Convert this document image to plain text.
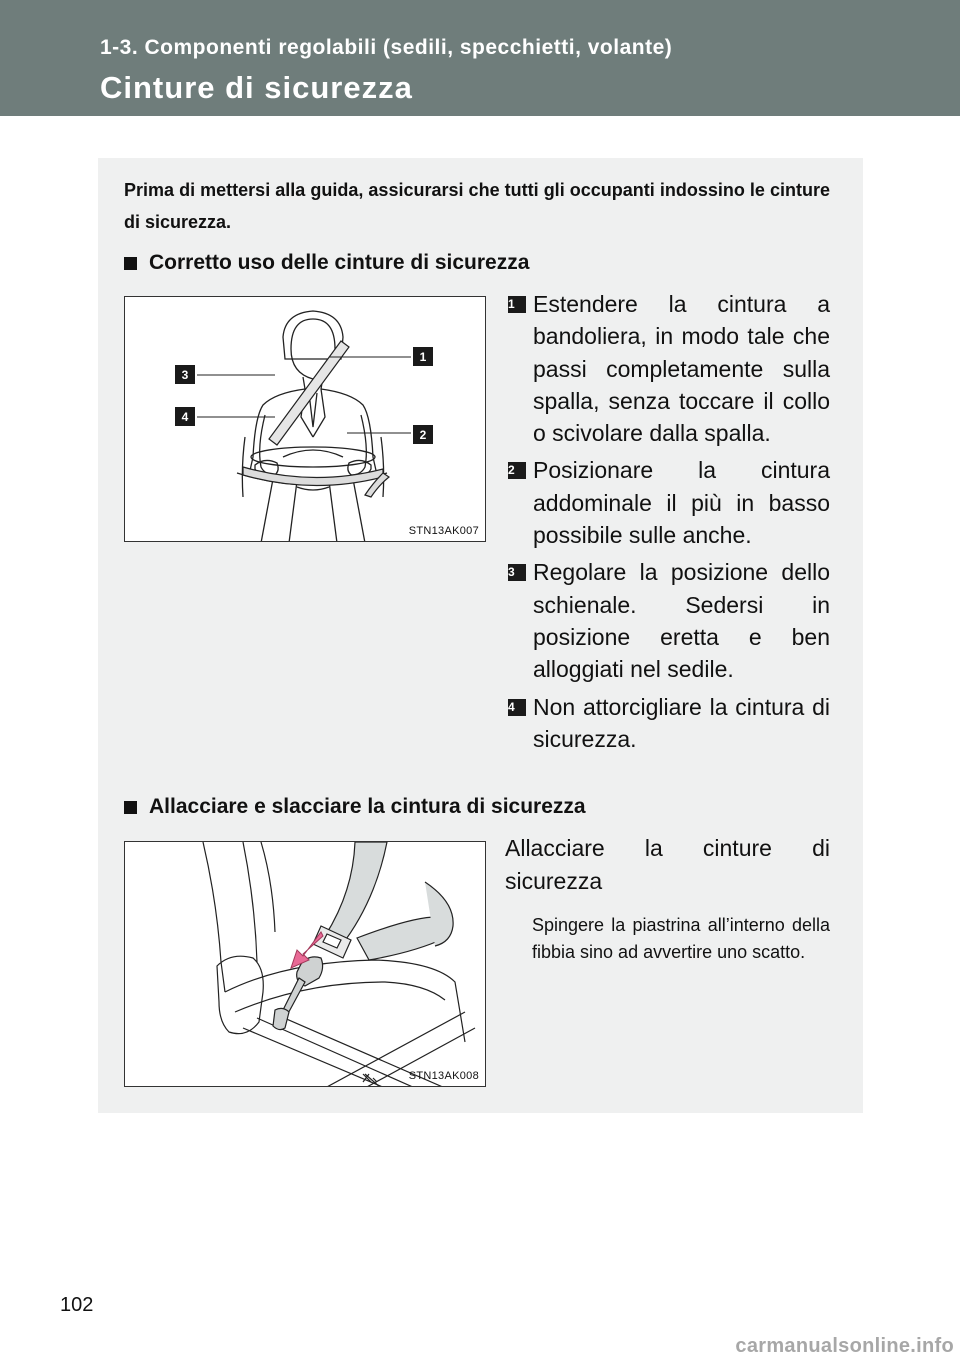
1-3. Componenti regolabili (sedili, specchietti, volante)
Cinture di sicurezza
Prima di mettersi alla guida, assicurarsi che tutti gli occupanti indossino le cinture di sicurezza.
Corretto uso delle cinture di sicurezza
1
2
3
4
STN13AK007
1 Estendere la cintura a bandoliera, in modo tale che passi completamente sulla spalla, senza toccare il collo o scivolare dalla spalla.
2 Posizionare la cintura addominale il più in basso possibile sulle anche.
3 Regolare la posizione dello schienale. Sedersi in posizione eretta e ben alloggiati nel sedile.
4 Non attorcigliare la cintura di sicurezza.
Allacciare e slacciare la cintura di sicurezza
STN13AK008
Allacciare la cinture di sicurezza
Spingere la piastrina all’interno della fibbia sino ad avvertire uno scatto.
102
carmanualsonline.info
